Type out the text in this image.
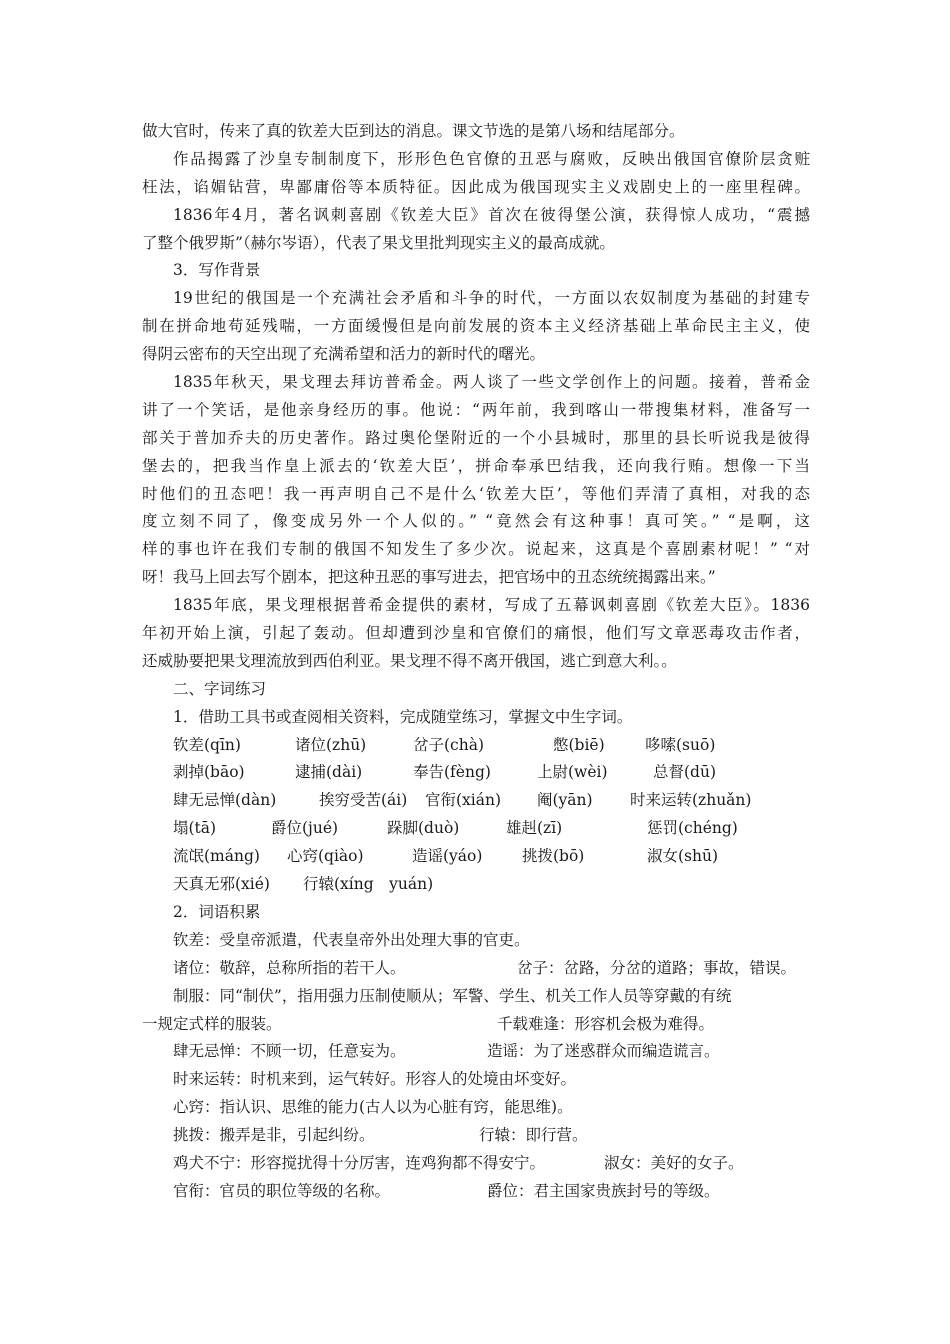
做大官时，传来了真的钦差大臣到达的消息。课文节选的是第八场和结尾部分。
作品揭露了沙皇专制制度下，形形色色官僚的丑恶与腐败，反映出俄国官僚阶层贪赃
枉法，谄媚钻营，卑鄙庸俗等本质特征。因此成为俄国现实主义戏剧史上的一座里程碑。
1836年4月，著名讽刺喜剧《钦差大臣》首次在彼得堡公演，获得惊人成功，“震撼
了整个俄罗斯”（赫尔岑语），代表了果戈里批判现实主义的最高成就。
3．写作背景
19世纪的俄国是一个充满社会矛盾和斗争的时代，一方面以农奴制度为基础的封建专
制在拼命地苟延残喘，一方面缓慢但是向前发展的资本主义经济基础上革命民主主义，使
得阴云密布的天空出现了充满希望和活力的新时代的曙光。
1835年秋天，果戈理去拜访普希金。两人谈了一些文学创作上的问题。接着，普希金
讲了一个笑话，是他亲身经历的事。他说：“两年前，我到喀山一带搜集材料，准备写一
部关于普加乔夫的历史著作。路过奥伦堡附近的一个小县城时，那里的县长听说我是彼得
堡去的，把我当作皇上派去的‘钦差大臣’，拼命奉承巴结我，还向我行贿。想像一下当
时他们的丑态吧！我一再声明自己不是什么‘钦差大臣’，等他们弄清了真相，对我的态
度立刻不同了，像变成另外一个人似的。” “竟然会有这种事！真可笑。” “是啊，这
样的事也许在我们专制的俄国不知发生了多少次。说起来，这真是个喜剧素材呢！” “对
呀！我马上回去写个剧本，把这种丑恶的事写进去，把官场中的丑态统统揭露出来。”
1835年底，果戈理根据普希金提供的素材，写成了五幕讽刺喜剧《钦差大臣》。1836
年初开始上演，引起了轰动。但却遭到沙皇和官僚们的痛恨，他们写文章恶毒攻击作者，
还威胁要把果戈理流放到西伯利亚。果戈理不得不离开俄国，逃亡到意大利。。
二、字词练习
1．借助工具书或查阅相关资料，完成随堂练习，掌握文中生字词。
钦差(qīn)	诸位(zhū)	岔子(chà)	憋(biē)	哆嗦(suō)
剥掉(bāo)	逮捕(dài)	奉告(fèng)	上尉(wèi)	总督(dū)
肆无忌惮(dàn)	挨穷受苦(ái) 官衔(xián) 阉(yān) 时来运转(zhuǎn)
塌(tā)	爵位(jué)	跺脚(duò)	雄赳(zī)	惩罚(chéng)
流氓(máng) 心窍(qiào)	造谣(yáo)	挑拨(bō)	淑女(shū)
天真无邪(xié) 行辕(xíng　yuán)
2．词语积累
钦差：受皇帝派遣，代表皇帝外出处理大事的官吏。
诸位：敬辞，总称所指的若干人。	岔子：岔路，分岔的道路；事故，错误。
制服：同“制伏”，指用强力压制使顺从；军警、学生、机关工作人员等穿戴的有统
一规定式样的服装。	千载难逢：形容机会极为难得。
肆无忌惮：不顾一切，任意妄为。	造谣：为了迷惑群众而编造谎言。
时来运转：时机来到，运气转好。形容人的处境由坏变好。
心窍：指认识、思维的能力(古人以为心脏有窍，能思维)。
挑拨：搬弄是非，引起纠纷。	行辕：即行营。
鸡犬不宁：形容搅扰得十分厉害，连鸡狗都不得安宁。	淑女：美好的女子。
官衔：官员的职位等级的名称。	爵位：君主国家贵族封号的等级。
